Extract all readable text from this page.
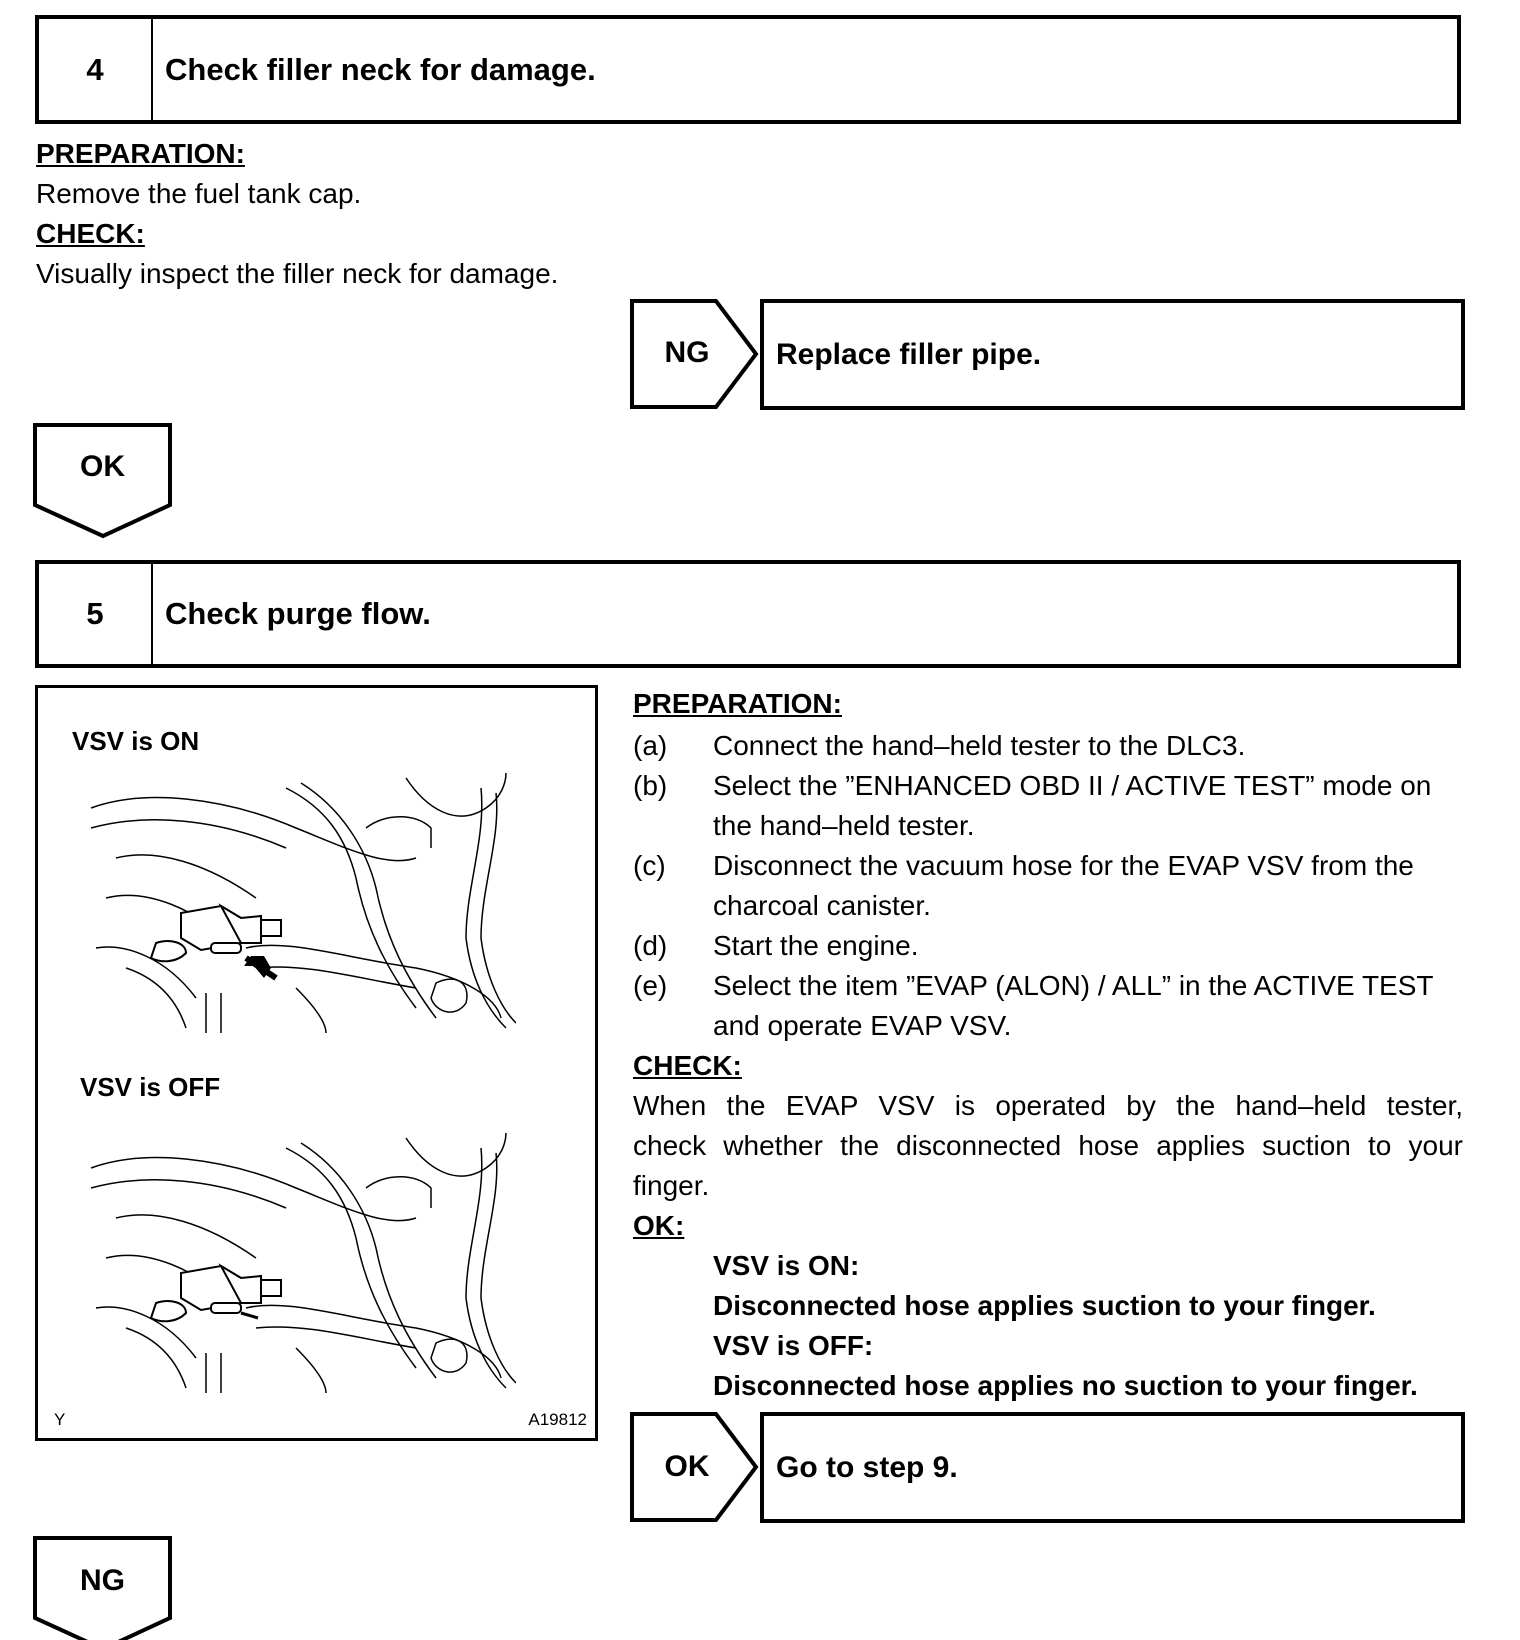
4	Check filler neck for damage.
PREPARATION:
Remove the fuel tank cap.
CHECK:
Visually inspect the filler neck for damage.
NG	Replace filler pipe.
OK
5	Check purge flow.
VSV is ON
VSV is OFF
Y	A19812
PREPARATION:
(a) Connect the hand–held tester to the DLC3.
(b) Select the ”ENHANCED OBD II / ACTIVE TEST” mode on
the hand–held tester.
(c) Disconnect the vacuum hose for the EVAP VSV from the
charcoal canister.
(d) Start the engine.
(e) Select the item ”EVAP (ALON) / ALL” in the ACTIVE TEST
and operate EVAP VSV.
CHECK:
When the EVAP VSV is operated by the hand–held tester,
check whether the disconnected hose applies suction to your
finger.
OK:
VSV is ON:
Disconnected hose applies suction to your finger.
VSV is OFF:
Disconnected hose applies no suction to your finger.
OK	Go to step 9.
NG
